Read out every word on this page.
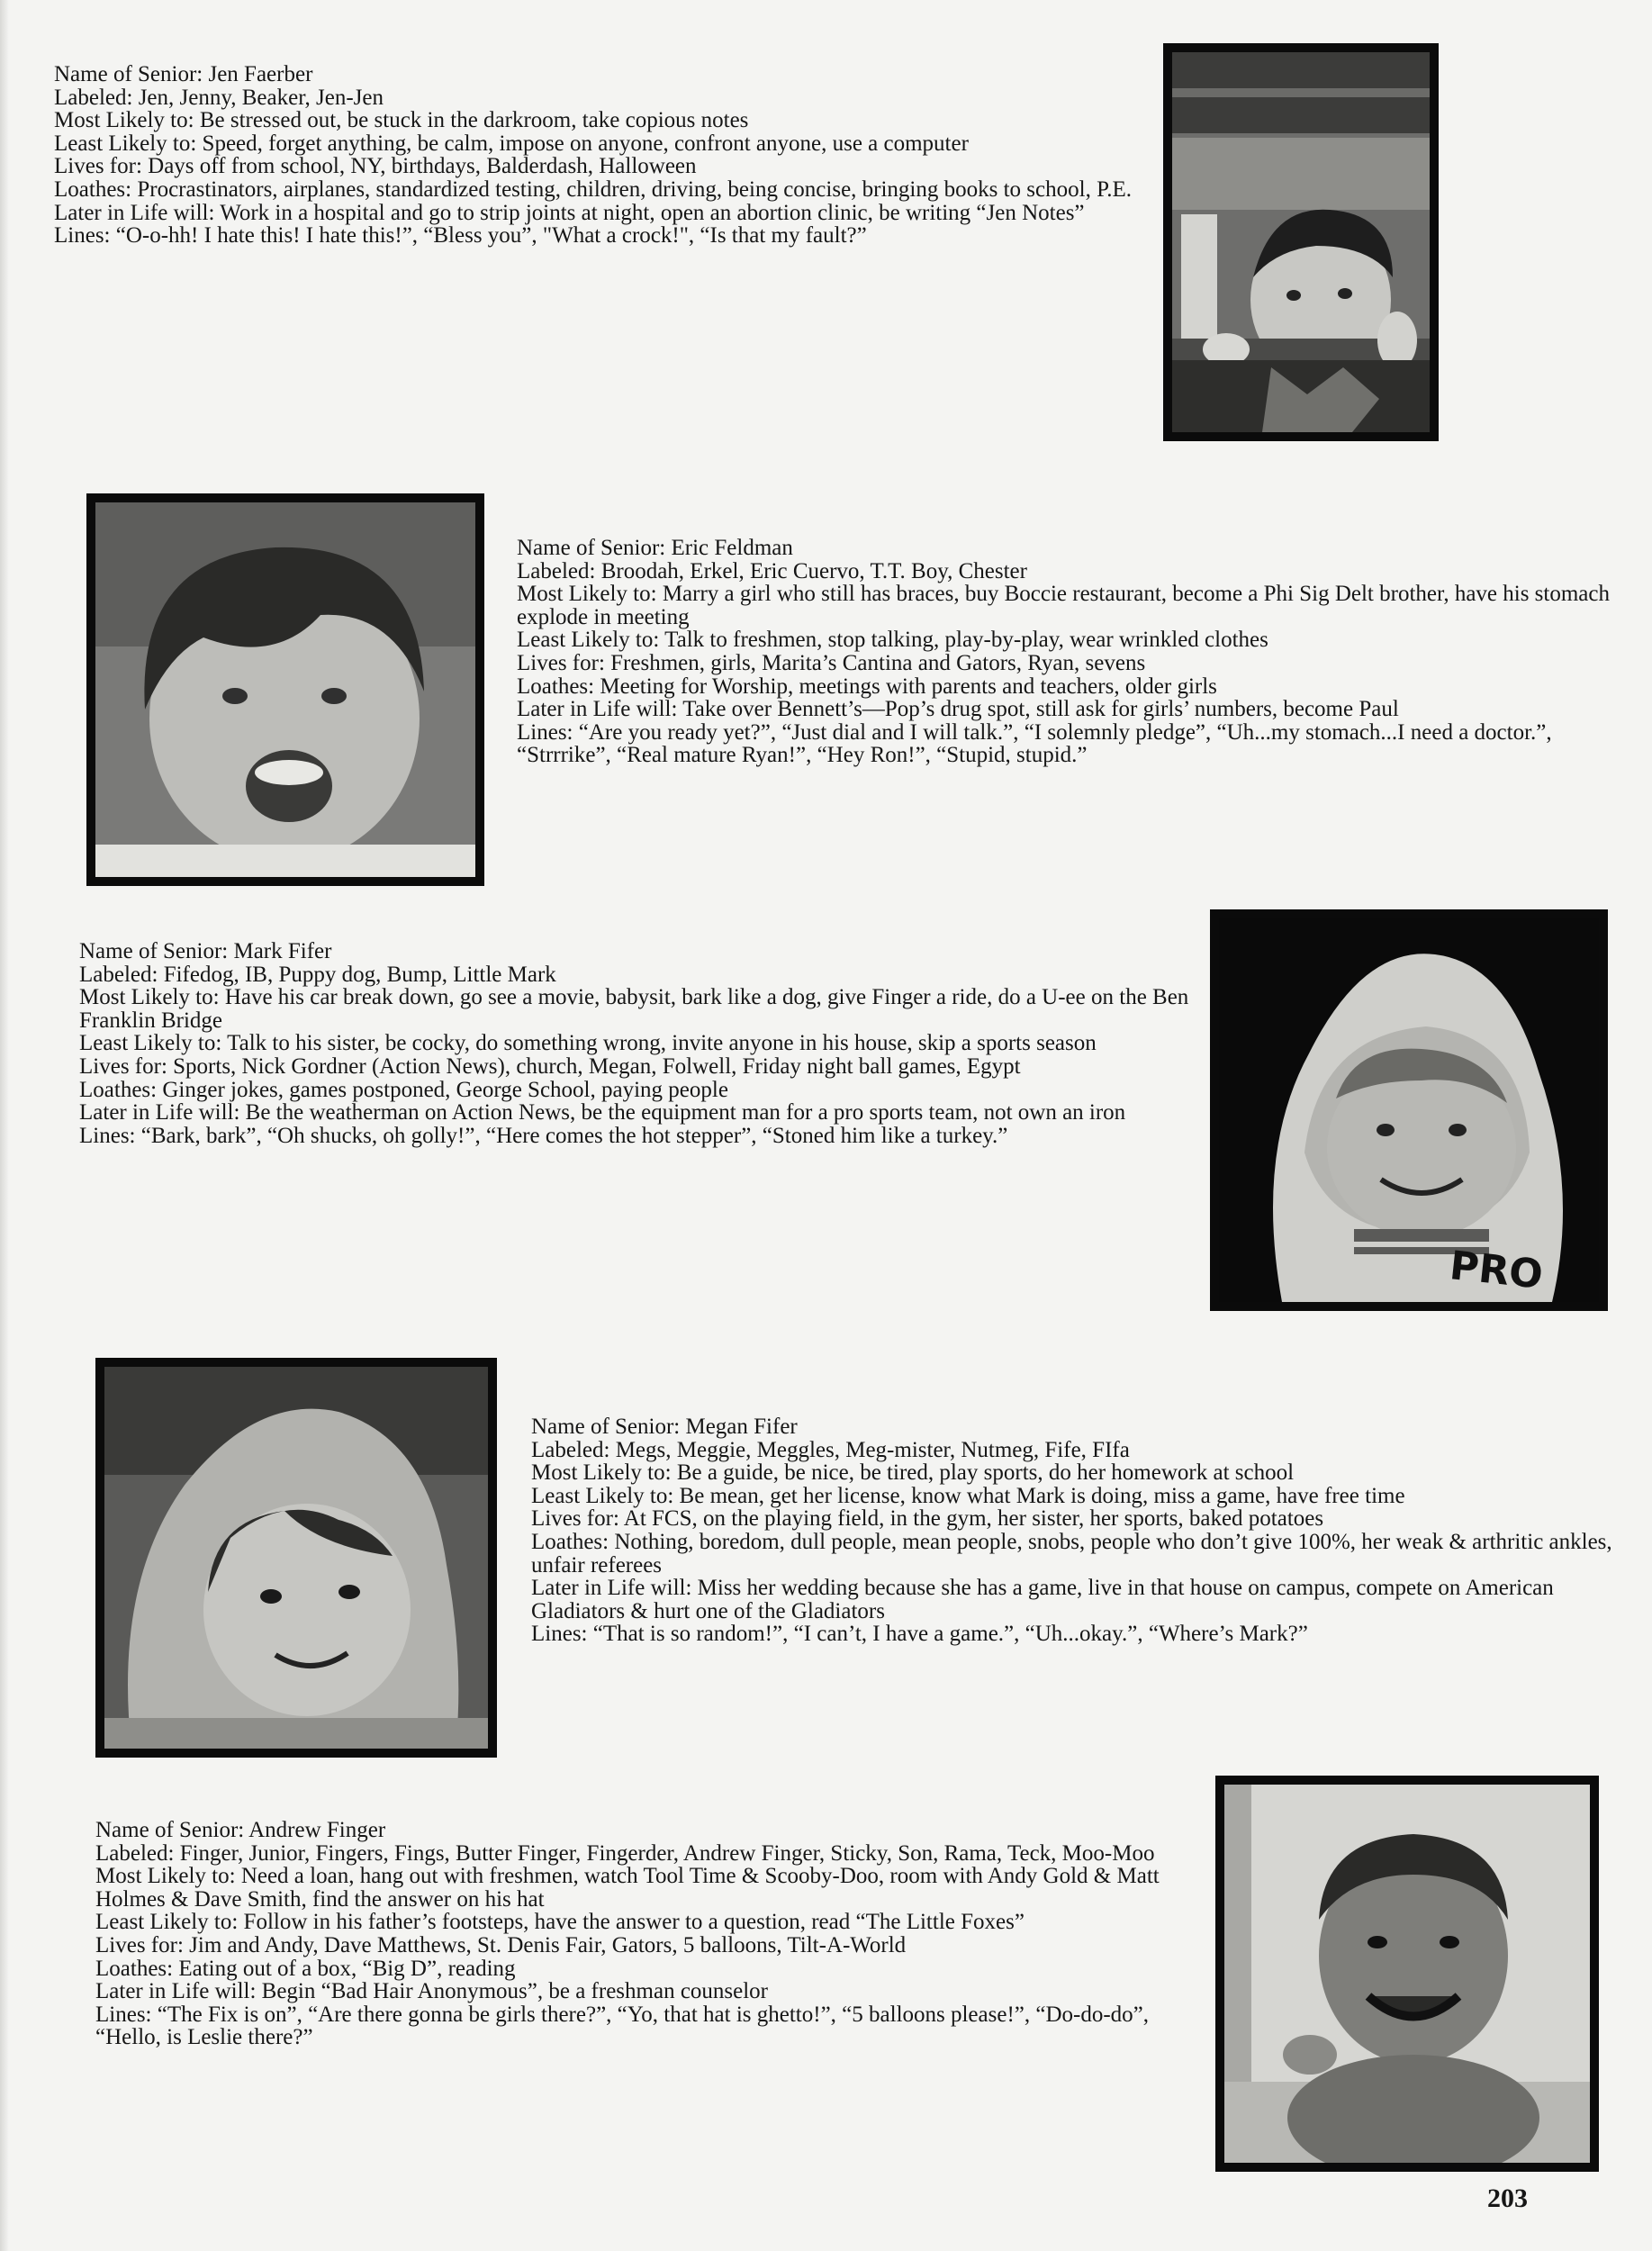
Name of Senior: Jen Faerber
Labeled: Jen, Jenny, Beaker, Jen-Jen
Most Likely to: Be stressed out, be stuck in the darkroom, take copious notes
Least Likely to: Speed, forget anything, be calm, impose on anyone, confront anyone, use a computer
Lives for: Days off from school, NY, birthdays, Balderdash, Halloween
Loathes: Procrastinators, airplanes, standardized testing, children, driving, being concise, bringing books to school, P.E.
Later in Life will: Work in a hospital and go to strip joints at night, open an abortion clinic, be writing “Jen Notes”
Lines: “O-o-hh! I hate this! I hate this!”, “Bless you”, "What a crock!", “Is that my fault?”
Name of Senior: Eric Feldman
Labeled: Broodah, Erkel, Eric Cuervo, T.T. Boy, Chester
Most Likely to: Marry a girl who still has braces, buy Boccie restaurant, become a Phi Sig Delt brother, have his stomach explode in meeting
Least Likely to: Talk to freshmen, stop talking, play-by-play, wear wrinkled clothes
Lives for: Freshmen, girls, Marita’s Cantina and Gators, Ryan, sevens
Loathes: Meeting for Worship, meetings with parents and teachers, older girls
Later in Life will: Take over Bennett’s—Pop’s drug spot, still ask for girls’ numbers, become Paul
Lines: “Are you ready yet?”, “Just dial and I will talk.”, “I solemnly pledge”, “Uh...my stomach...I need a doctor.”, “Strrrike”, “Real mature Ryan!”, “Hey Ron!”, “Stupid, stupid.”
Name of Senior: Mark Fifer
Labeled: Fifedog, IB, Puppy dog, Bump, Little Mark
Most Likely to: Have his car break down, go see a movie, babysit, bark like a dog, give Finger a ride, do a U-ee on the Ben Franklin Bridge
Least Likely to: Talk to his sister, be cocky, do something wrong, invite anyone in his house, skip a sports season
Lives for: Sports, Nick Gordner (Action News), church, Megan, Folwell, Friday night ball games, Egypt
Loathes: Ginger jokes, games postponed, George School, paying people
Later in Life will: Be the weatherman on Action News, be the equipment man for a pro sports team, not own an iron
Lines: “Bark, bark”, “Oh shucks, oh golly!”, “Here comes the hot stepper”, “Stoned him like a turkey.”
PRO
Name of Senior: Megan Fifer
Labeled: Megs, Meggie, Meggles, Meg-mister, Nutmeg, Fife, FIfa
Most Likely to: Be a guide, be nice, be tired, play sports, do her homework at school
Least Likely to: Be mean, get her license, know what Mark is doing, miss a game, have free time
Lives for: At FCS, on the playing field, in the gym, her sister, her sports, baked potatoes
Loathes: Nothing, boredom, dull people, mean people, snobs, people who don’t give 100%, her weak & arthritic ankles, unfair referees
Later in Life will: Miss her wedding because she has a game, live in that house on campus, compete on American Gladiators & hurt one of the Gladiators
Lines: “That is so random!”, “I can’t, I have a game.”, “Uh...okay.”, “Where’s Mark?”
Name of Senior: Andrew Finger
Labeled: Finger, Junior, Fingers, Fings, Butter Finger, Fingerder, Andrew Finger, Sticky, Son, Rama, Teck, Moo-Moo
Most Likely to: Need a loan, hang out with freshmen, watch Tool Time & Scooby-Doo, room with Andy Gold & Matt Holmes & Dave Smith, find the answer on his hat
Least Likely to: Follow in his father’s footsteps, have the answer to a question, read “The Little Foxes”
Lives for: Jim and Andy, Dave Matthews, St. Denis Fair, Gators, 5 balloons, Tilt-A-World
Loathes: Eating out of a box, “Big D”, reading
Later in Life will: Begin “Bad Hair Anonymous”, be a freshman counselor
Lines: “The Fix is on”, “Are there gonna be girls there?”, “Yo, that hat is ghetto!”, “5 balloons please!”, “Do-do-do”, “Hello, is Leslie there?”
203
